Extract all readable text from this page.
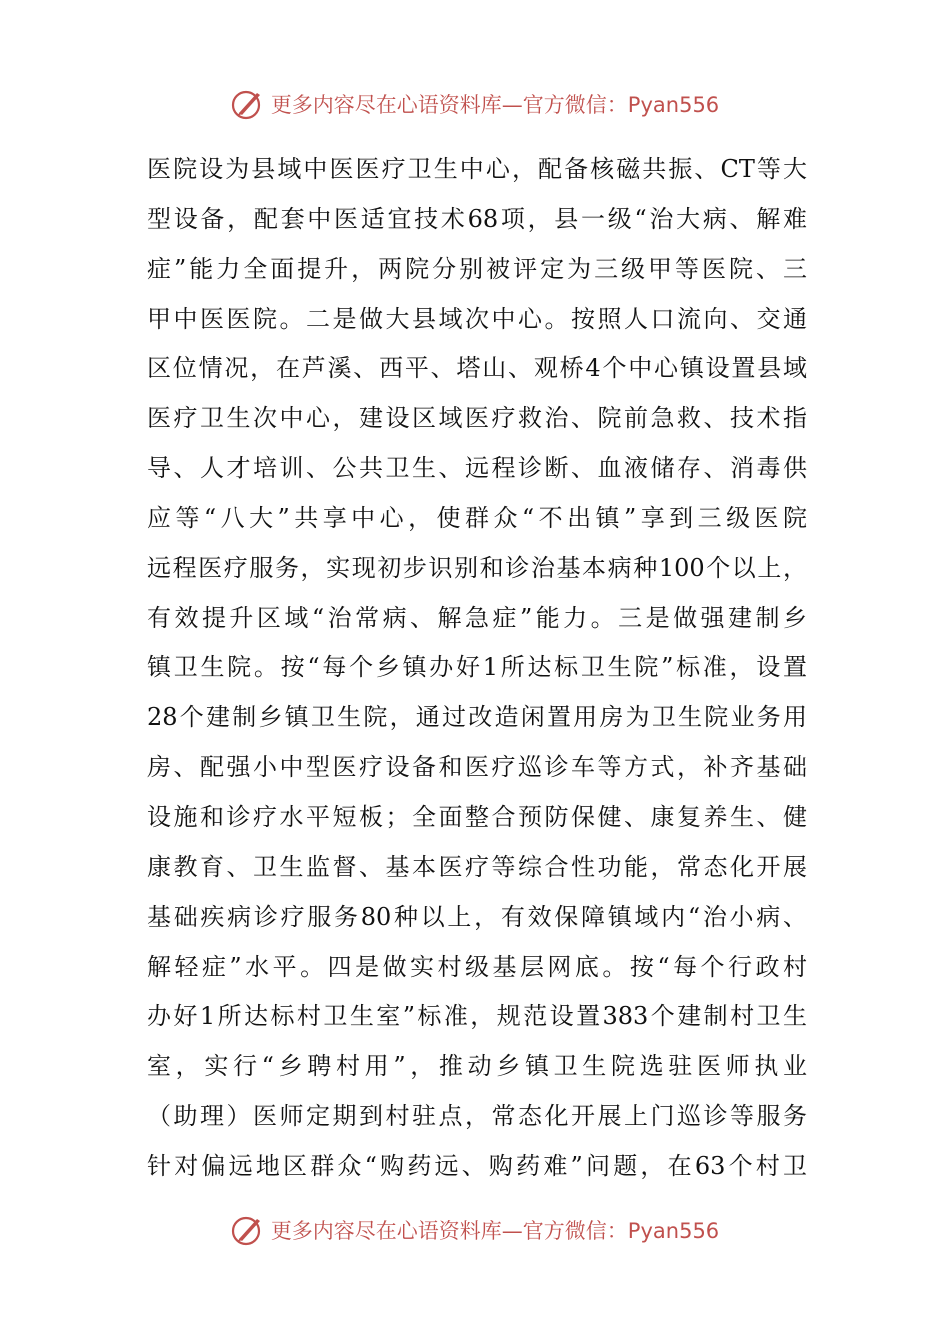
更多内容尽在心语资料库—官方微信：Pyan556
医院设为县域中医医疗卫生中心，配备核磁共振、CT等大
型设备，配套中医适宜技术68项，县一级“治大病、解难
症”能力全面提升，两院分别被评定为三级甲等医院、三
甲中医医院。二是做大县域次中心。按照人口流向、交通
区位情况，在芦溪、西平、塔山、观桥4个中心镇设置县域
医疗卫生次中心，建设区域医疗救治、院前急救、技术指
导、人才培训、公共卫生、远程诊断、血液储存、消毒供
应等“八大”共享中心，使群众“不出镇”享到三级医院
远程医疗服务，实现初步识别和诊治基本病种100个以上，
有效提升区域“治常病、解急症”能力。三是做强建制乡
镇卫生院。按“每个乡镇办好1所达标卫生院”标准，设置
28个建制乡镇卫生院，通过改造闲置用房为卫生院业务用
房、配强小中型医疗设备和医疗巡诊车等方式，补齐基础
设施和诊疗水平短板；全面整合预防保健、康复养生、健
康教育、卫生监督、基本医疗等综合性功能，常态化开展
基础疾病诊疗服务80种以上，有效保障镇域内“治小病、
解轻症”水平。四是做实村级基层网底。按“每个行政村
办好1所达标村卫生室”标准，规范设置383个建制村卫生
室，实行“乡聘村用”，推动乡镇卫生院选驻医师执业
（助理）医师定期到村驻点，常态化开展上门巡诊等服务
针对偏远地区群众“购药远、购药难”问题，在63个村卫
更多内容尽在心语资料库—官方微信：Pyan556
